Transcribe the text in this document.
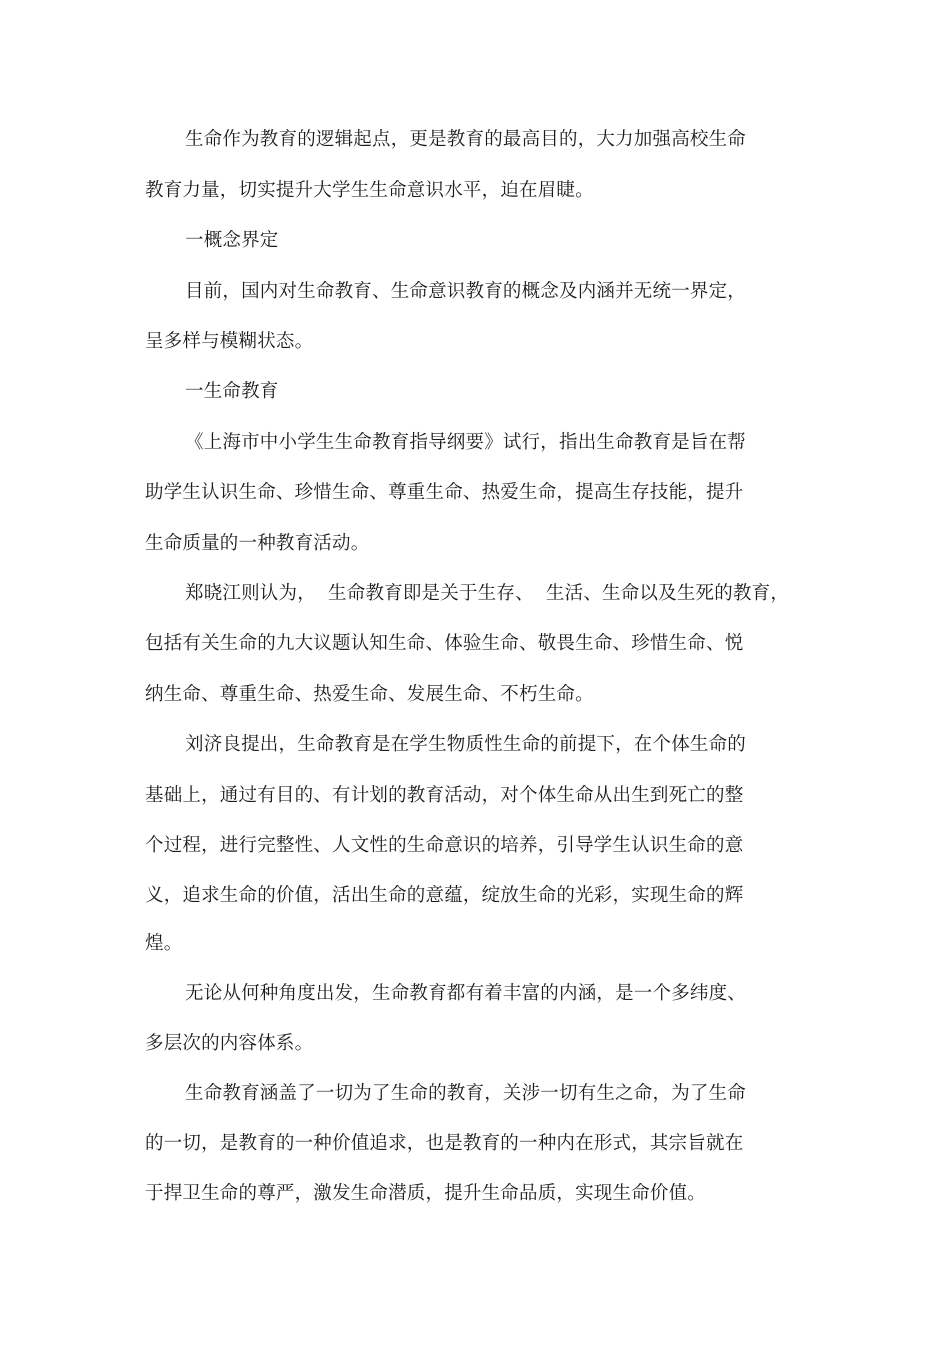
生命作为教育的逻辑起点，更是教育的最高目的，大力加强高校生命
教育力量，切实提升大学生生命意识水平，迫在眉睫。
一概念界定
目前，国内对生命教育、生命意识教育的概念及内涵并无统一界定，
呈多样与模糊状态。
一生命教育
《上海市中小学生生命教育指导纲要》试行，指出生命教育是旨在帮
助学生认识生命、珍惜生命、尊重生命、热爱生命，提高生存技能，提升
生命质量的一种教育活动。
郑晓江则认为，  生命教育即是关于生存、  生活、生命以及生死的教育，
包括有关生命的九大议题认知生命、体验生命、敬畏生命、珍惜生命、悦
纳生命、尊重生命、热爱生命、发展生命、不朽生命。
刘济良提出，生命教育是在学生物质性生命的前提下，在个体生命的
基础上，通过有目的、有计划的教育活动，对个体生命从出生到死亡的整
个过程，进行完整性、人文性的生命意识的培养，引导学生认识生命的意
义，追求生命的价值，活出生命的意蕴，绽放生命的光彩，实现生命的辉
煌。
无论从何种角度出发，生命教育都有着丰富的内涵，是一个多纬度、
多层次的内容体系。
生命教育涵盖了一切为了生命的教育，关涉一切有生之命，为了生命
的一切，是教育的一种价值追求，也是教育的一种内在形式，其宗旨就在
于捍卫生命的尊严，激发生命潜质，提升生命品质，实现生命价值。
